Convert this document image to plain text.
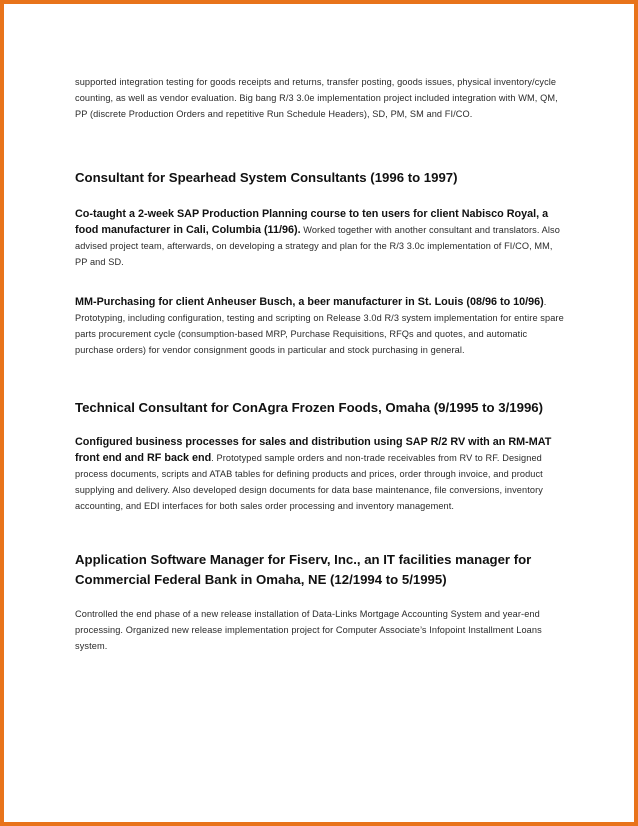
supported integration testing for goods receipts and returns, transfer posting, goods issues, physical inventory/cycle counting, as well as vendor evaluation. Big bang R/3 3.0e implementation project included integration with WM, QM, PP (discrete Production Orders and repetitive Run Schedule Headers), SD, PM, SM and FI/CO.

Consultant for Spearhead System Consultants (1996 to 1997)

Co-taught a 2-week SAP Production Planning course to ten users for client Nabisco Royal, a food manufacturer in Cali, Columbia (11/96). Worked together with another consultant and translators. Also advised project team, afterwards, on developing a strategy and plan for the R/3 3.0c implementation of FI/CO, MM, PP and SD.

MM-Purchasing for client Anheuser Busch, a beer manufacturer in St. Louis (08/96 to 10/96). Prototyping, including configuration, testing and scripting on Release 3.0d R/3 system implementation for entire spare parts procurement cycle (consumption-based MRP, Purchase Requisitions, RFQs and quotes, and automatic purchase orders) for vendor consignment goods in particular and stock purchasing in general.

Technical Consultant for ConAgra Frozen Foods, Omaha (9/1995 to 3/1996)

Configured business processes for sales and distribution using SAP R/2 RV with an RM-MAT front end and RF back end. Prototyped sample orders and non-trade receivables from RV to RF. Designed process documents, scripts and ATAB tables for defining products and prices, order through invoice, and product supplying and delivery. Also developed design documents for data base maintenance, file conversions, inventory accounting, and EDI interfaces for both sales order processing and inventory management.

Application Software Manager for Fiserv, Inc., an IT facilities manager for Commercial Federal Bank in Omaha, NE (12/1994 to 5/1995)

Controlled the end phase of a new release installation of Data-Links Mortgage Accounting System and year-end processing. Organized new release implementation project for Computer Associate’s Infopoint Installment Loans system.
